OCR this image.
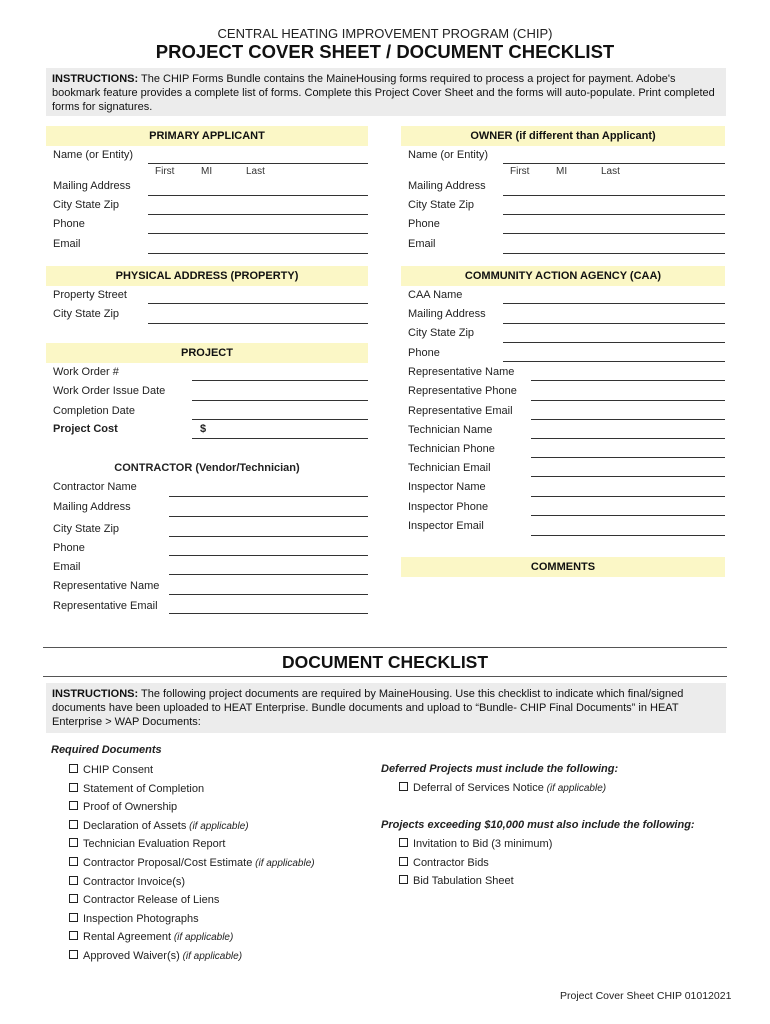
CENTRAL HEATING IMPROVEMENT PROGRAM (CHIP)
PROJECT COVER SHEET / DOCUMENT CHECKLIST
INSTRUCTIONS: The CHIP Forms Bundle contains the MaineHousing forms required to process a project for payment. Adobe's bookmark feature provides a complete list of forms. Complete this Project Cover Sheet and the forms will auto-populate. Print completed forms for signatures.
PRIMARY APPLICANT
Name (or Entity)
First	MI	Last
Mailing Address
City State Zip
Phone
Email
OWNER (if different than Applicant)
Name (or Entity)
First	MI	Last
Mailing Address
City State Zip
Phone
Email
PHYSICAL ADDRESS (PROPERTY)
Property Street
City State Zip
COMMUNITY ACTION AGENCY (CAA)
CAA Name
Mailing Address
City State Zip
Phone
Representative Name
Representative Phone
Representative Email
Technician Name
Technician Phone
Technician Email
Inspector Name
Inspector Phone
Inspector Email
PROJECT
Work Order #
Work Order Issue Date
Completion Date
Project Cost	$
CONTRACTOR (Vendor/Technician)
Contractor Name
Mailing Address
City State Zip
Phone
Email
Representative Name
Representative Email
COMMENTS
DOCUMENT CHECKLIST
INSTRUCTIONS: The following project documents are required by MaineHousing. Use this checklist to indicate which final/signed documents have been uploaded to HEAT Enterprise. Bundle documents and upload to “Bundle- CHIP Final Documents” in HEAT Enterprise > WAP Documents:
Required Documents
CHIP Consent
Statement of Completion
Proof of Ownership
Declaration of Assets (if applicable)
Technician Evaluation Report
Contractor Proposal/Cost Estimate (if applicable)
Contractor Invoice(s)
Contractor Release of Liens
Inspection Photographs
Rental Agreement (if applicable)
Approved Waiver(s) (if applicable)
Deferred Projects must include the following:
Deferral of Services Notice (if applicable)
Projects exceeding $10,000 must also include the following:
Invitation to Bid (3 minimum)
Contractor Bids
Bid Tabulation Sheet
Project Cover Sheet CHIP 01012021
